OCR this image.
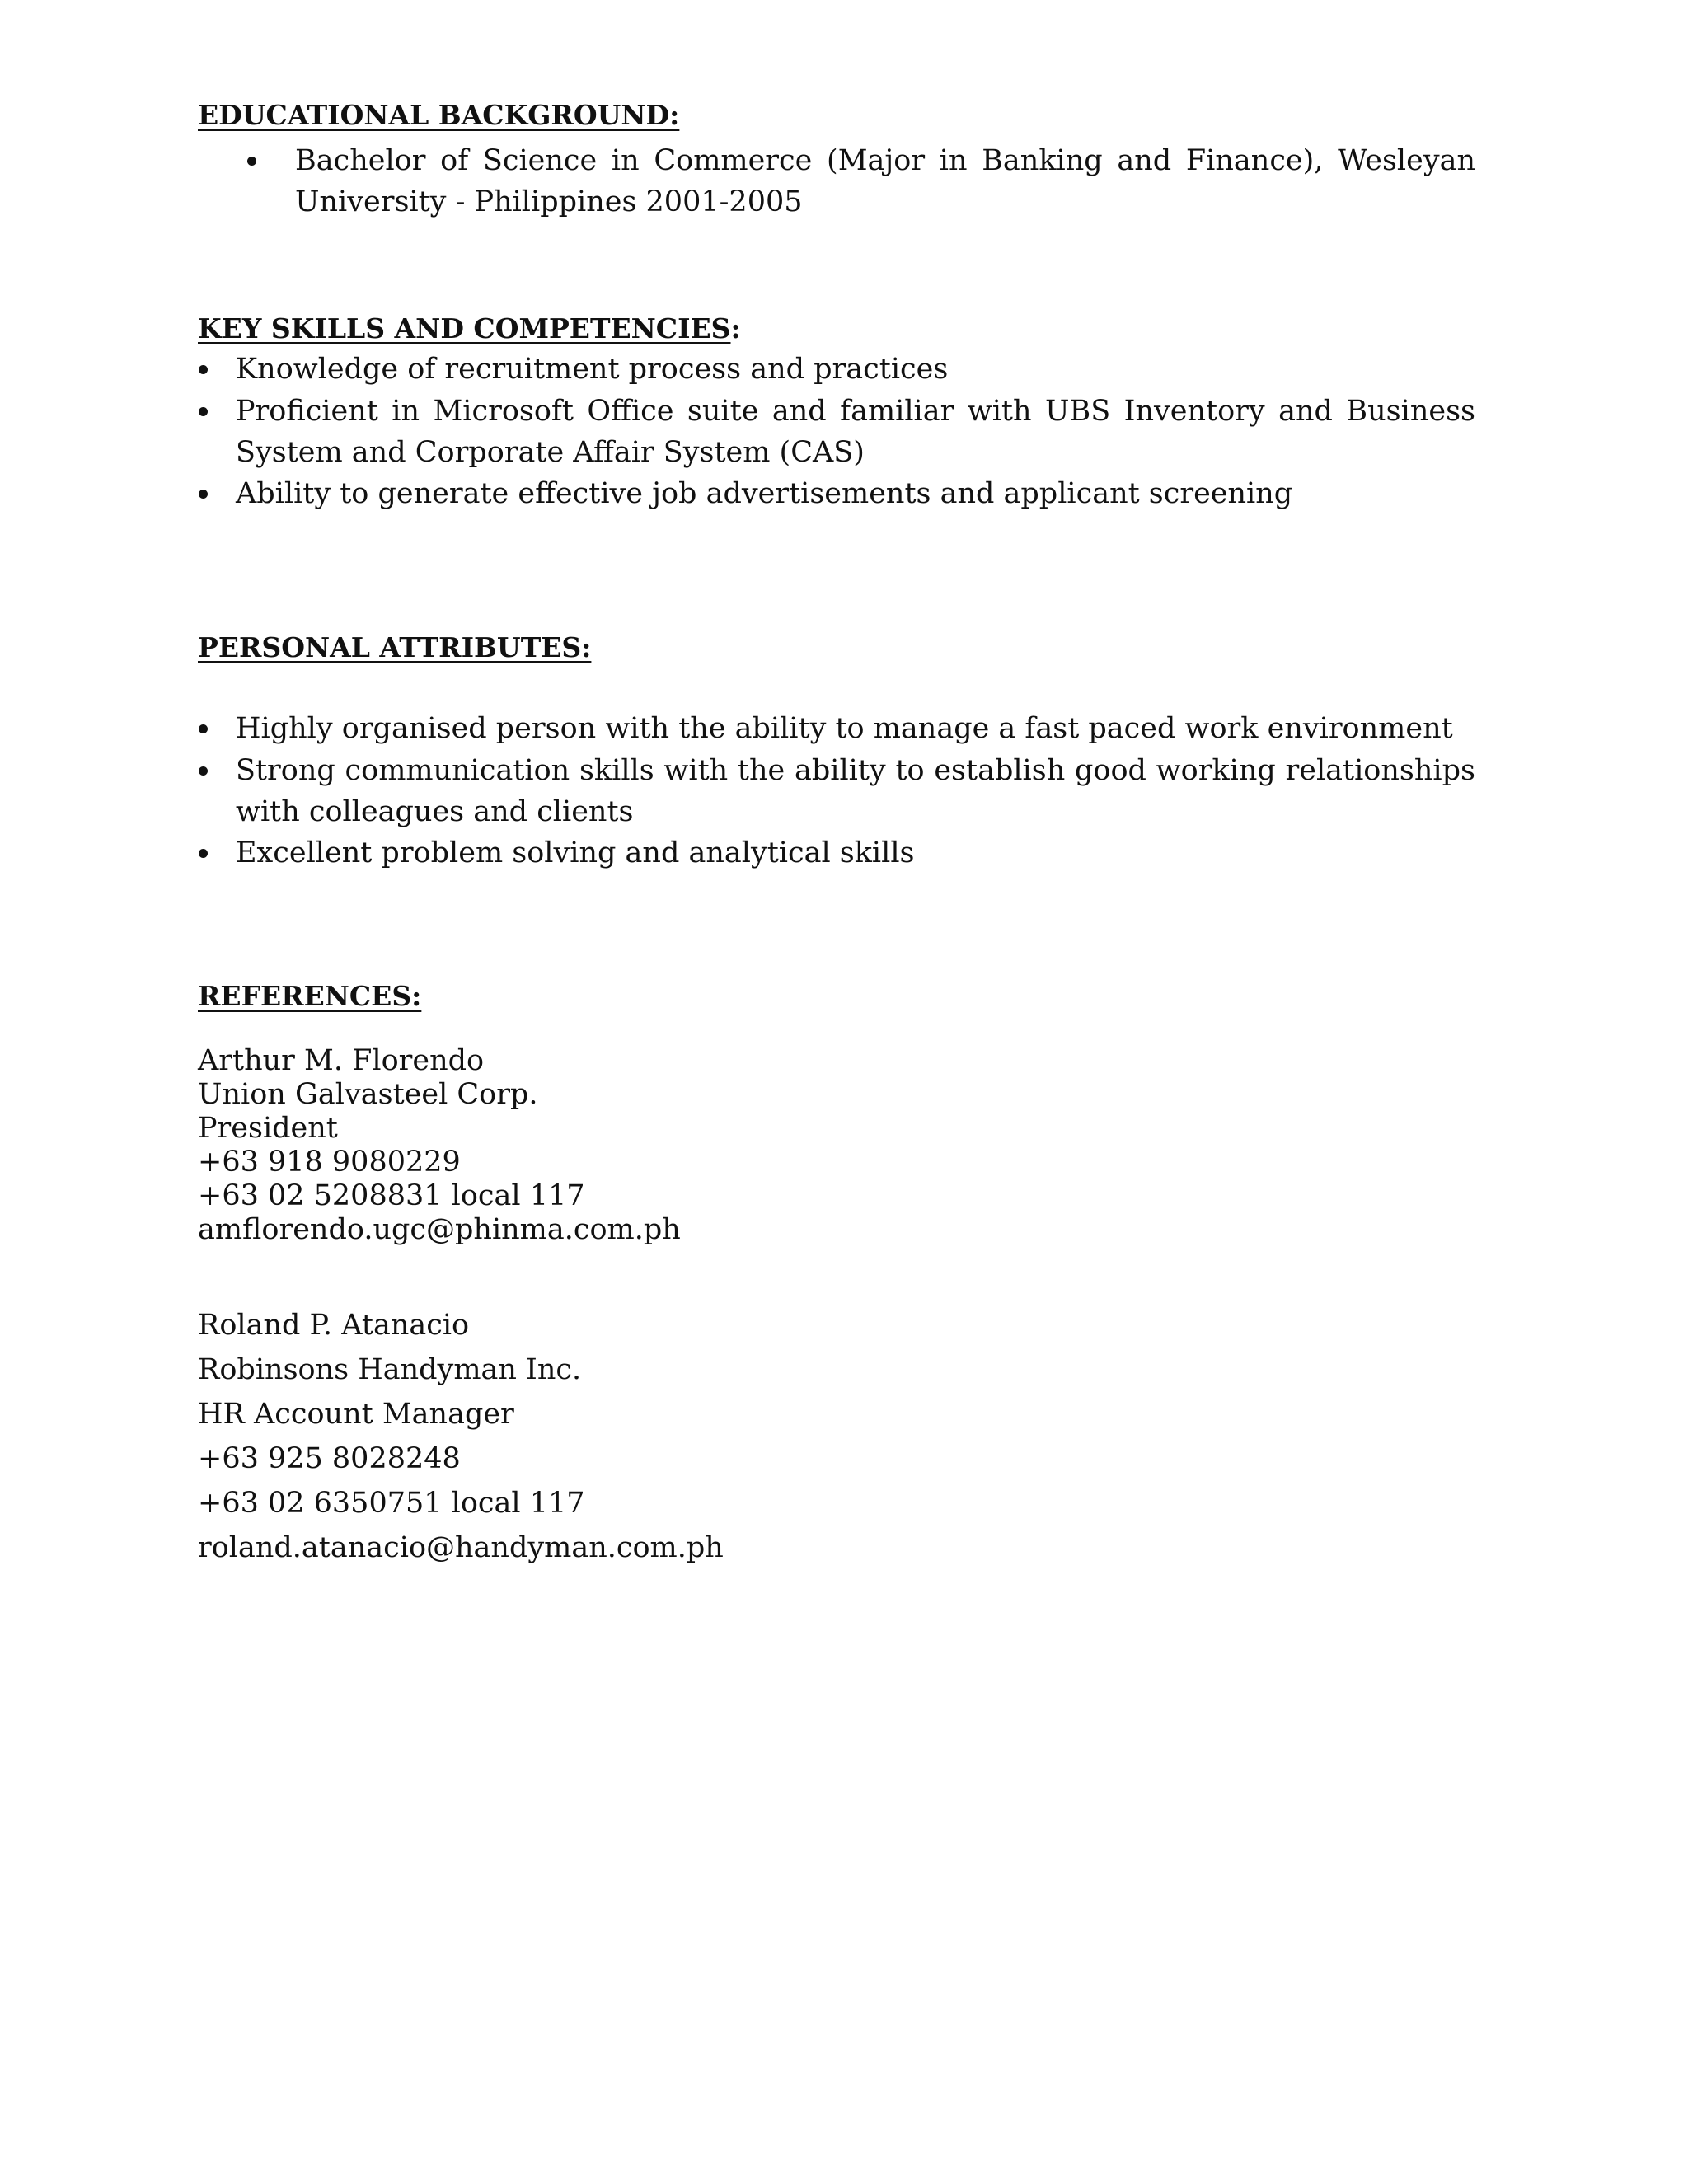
EDUCATIONAL BACKGROUND:
Bachelor of Science in Commerce (Major in Banking and Finance), Wesleyan University - Philippines 2001-2005
KEY SKILLS AND COMPETENCIES:
Knowledge of recruitment process and practices
Proficient in Microsoft Office suite and familiar with UBS Inventory and Business System and Corporate Affair System (CAS)
Ability to generate effective job advertisements and applicant screening
PERSONAL ATTRIBUTES:
Highly organised person with the ability to manage a fast paced work environment
Strong communication skills with the ability to establish good working relationships with colleagues and clients
Excellent problem solving and analytical skills
REFERENCES:
Arthur M. Florendo
Union Galvasteel Corp.
President
+63 918 9080229
+63 02 5208831 local 117
amflorendo.ugc@phinma.com.ph
Roland P. Atanacio
Robinsons Handyman Inc.
HR Account Manager
+63 925 8028248
+63 02 6350751 local 117
roland.atanacio@handyman.com.ph
